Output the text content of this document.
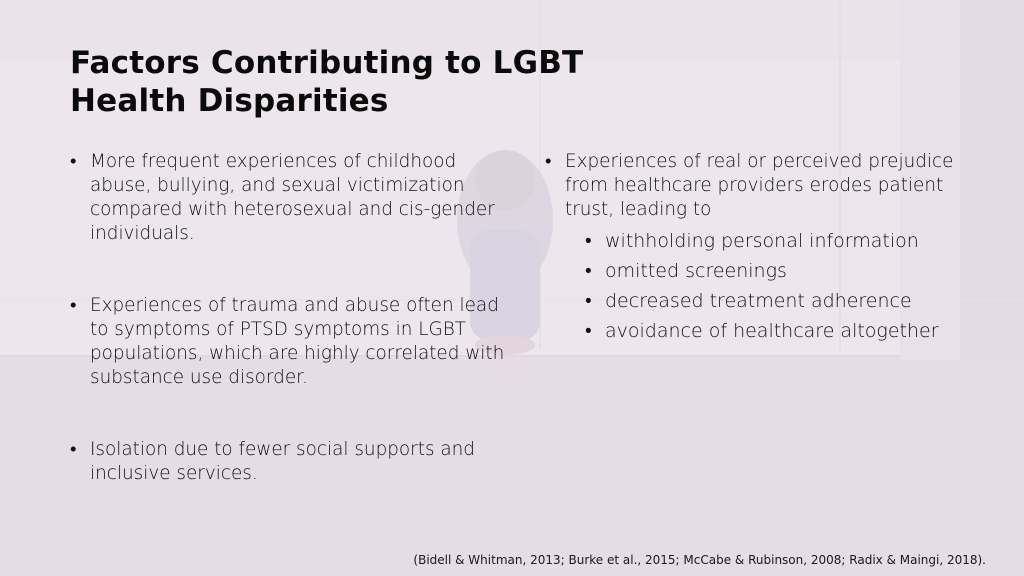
Factors Contributing to LGBT
Health Disparities
• More frequent experiences of childhood abuse, bullying, and sexual victimization compared with heterosexual and cis-gender individuals.
• Experiences of trauma and abuse often lead to symptoms of PTSD symptoms in LGBT populations, which are highly correlated with substance use disorder.
• Isolation due to fewer social supports and inclusive services.
• Experiences of real or perceived prejudice from healthcare providers erodes patient trust, leading to
• withholding personal information
• omitted screenings
• decreased treatment adherence
• avoidance of healthcare altogether

(Bidell & Whitman, 2013; Burke et al., 2015; McCabe & Rubinson, 2008; Radix & Maingi, 2018).
